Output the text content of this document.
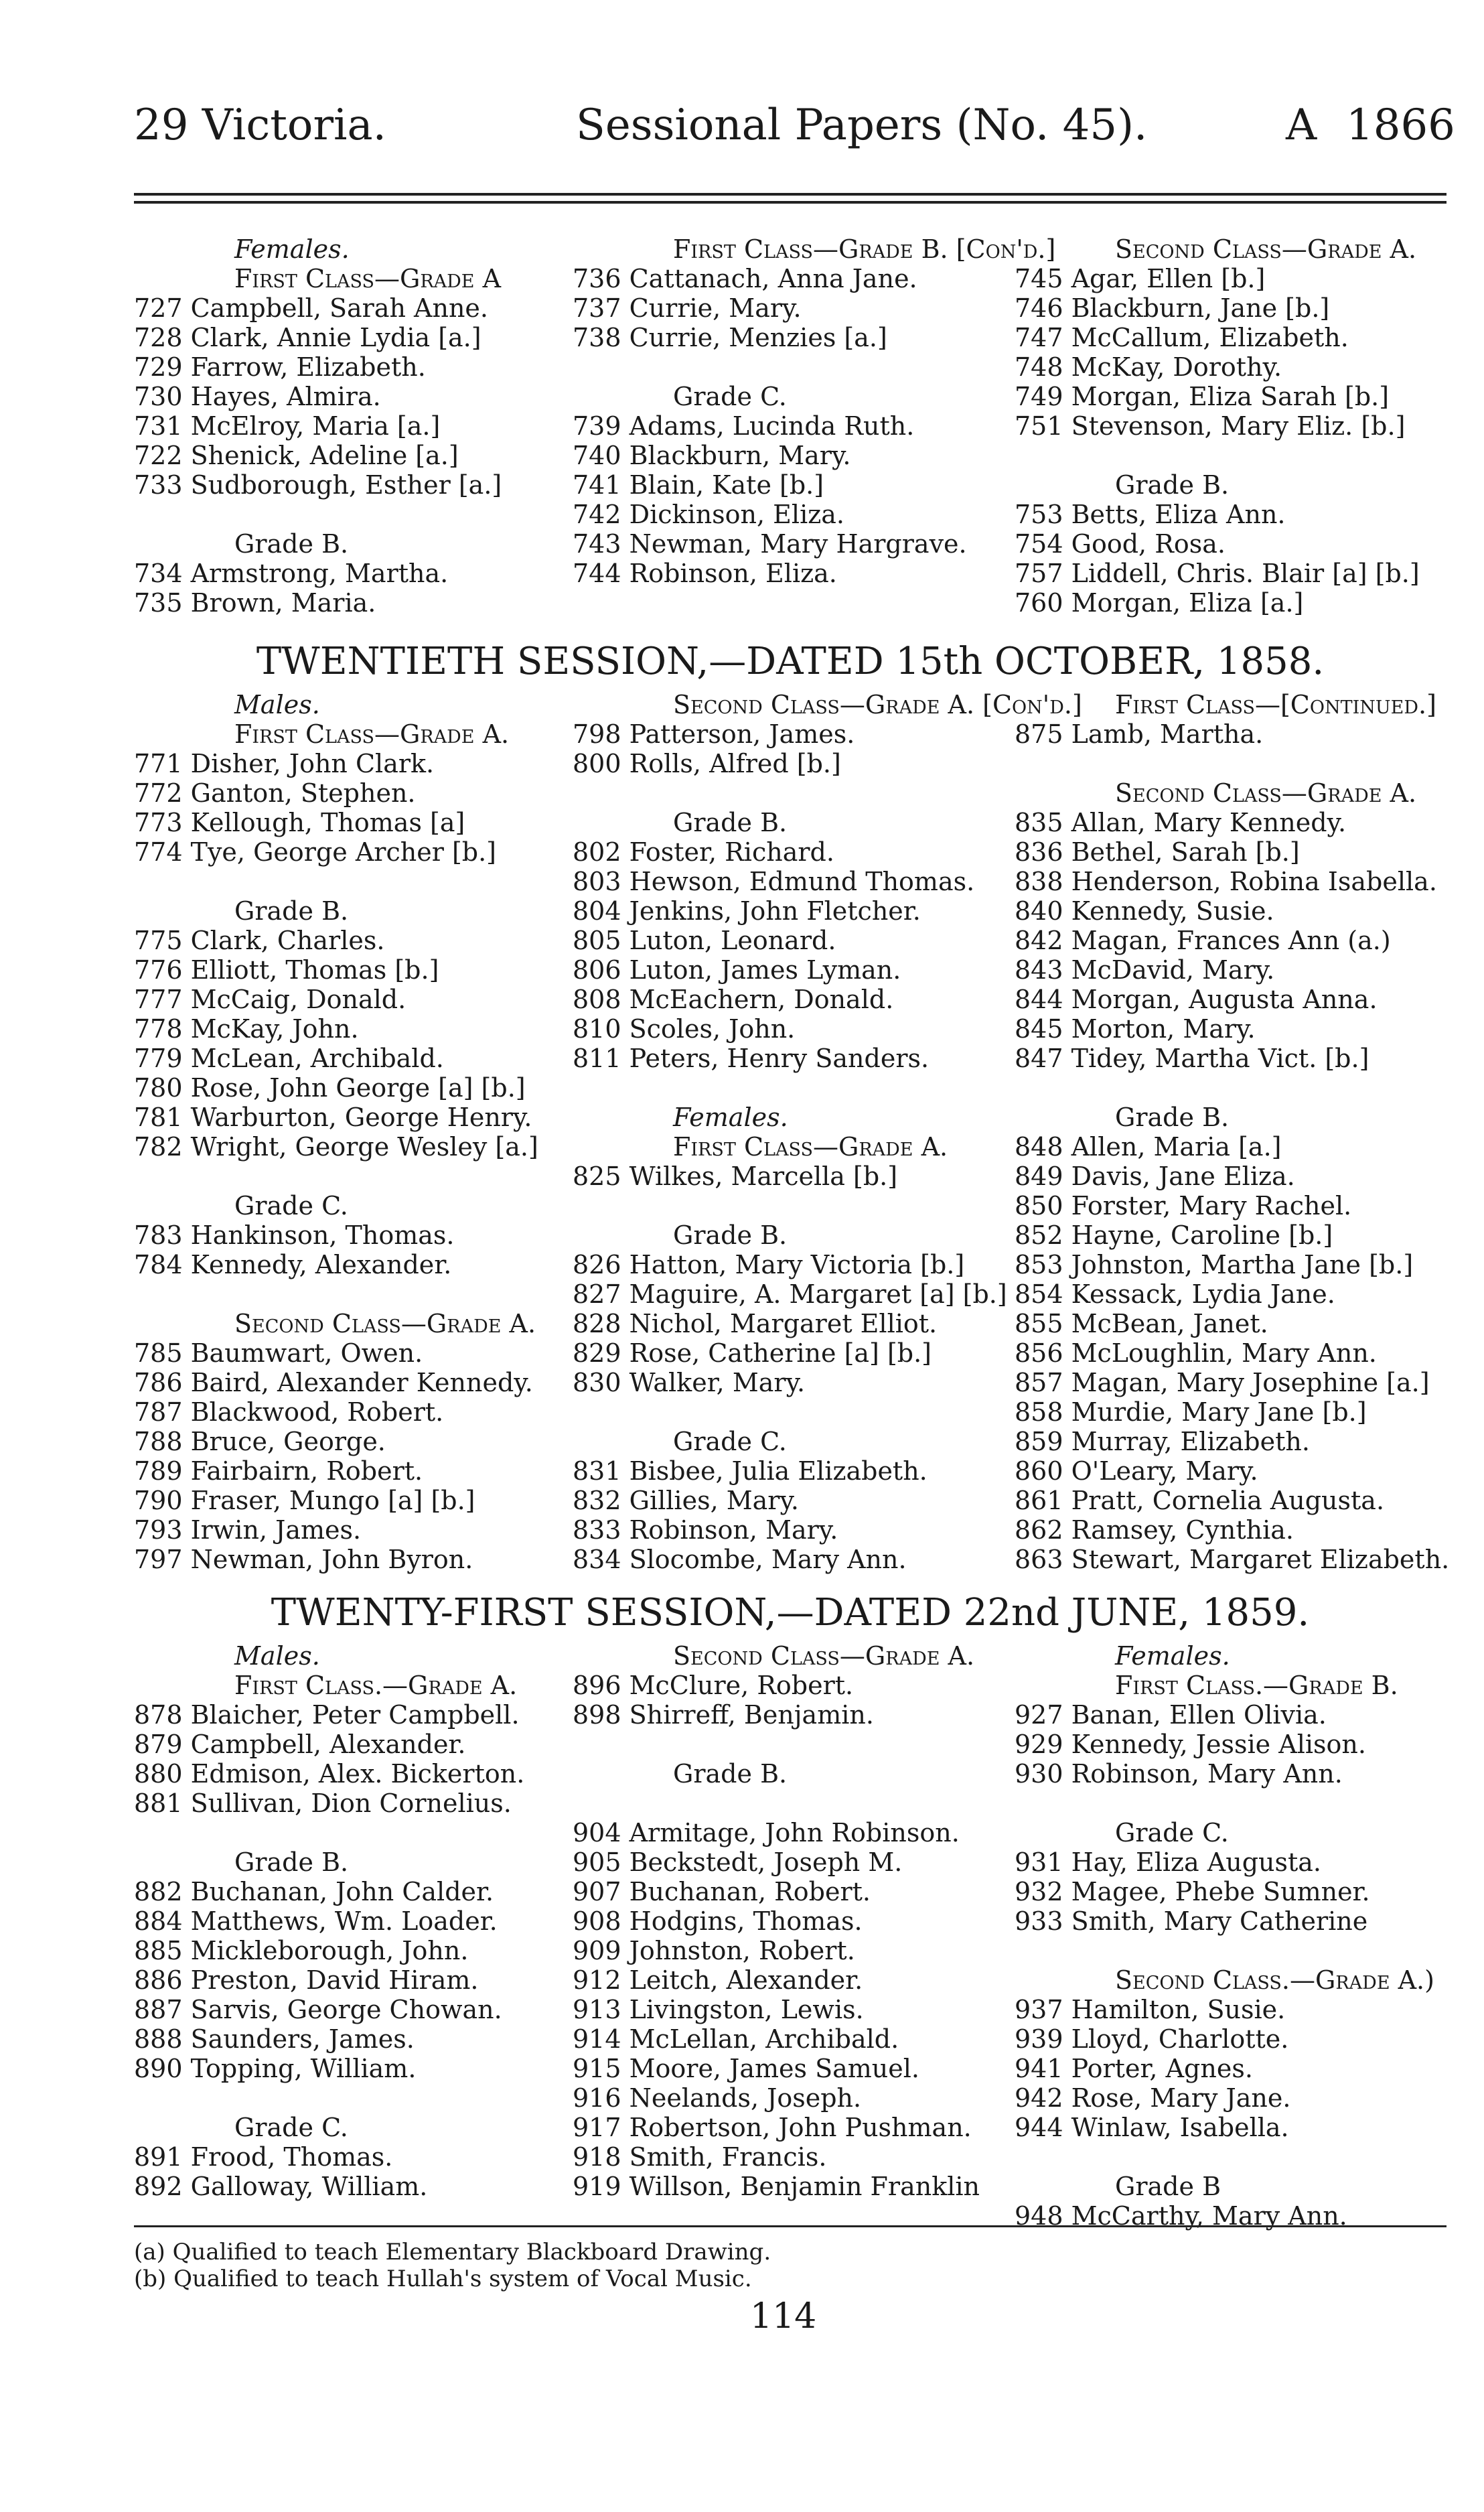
29 Victoria.	Sessional Papers (No. 45).	A 1866
Females.
First Class—Grade A
727 Campbell, Sarah Anne.
728 Clark, Annie Lydia [a.]
729 Farrow, Elizabeth.
730 Hayes, Almira.
731 McElroy, Maria [a.]
722 Shenick, Adeline [a.]
733 Sudborough, Esther [a.]
Grade B.
734 Armstrong, Martha.
735 Brown, Maria.
First Class—Grade B. [Con'd.]
736 Cattanach, Anna Jane.
737 Currie, Mary.
738 Currie, Menzies [a.]
Grade C.
739 Adams, Lucinda Ruth.
740 Blackburn, Mary.
741 Blain, Kate [b.]
742 Dickinson, Eliza.
743 Newman, Mary Hargrave.
744 Robinson, Eliza.
Second Class—Grade A.
745 Agar, Ellen [b.]
746 Blackburn, Jane [b.]
747 McCallum, Elizabeth.
748 McKay, Dorothy.
749 Morgan, Eliza Sarah [b.]
751 Stevenson, Mary Eliz. [b.]
Grade B.
753 Betts, Eliza Ann.
754 Good, Rosa.
757 Liddell, Chris. Blair [a] [b.]
760 Morgan, Eliza [a.]
TWENTIETH SESSION,—DATED 15th OCTOBER, 1858.
Males.
First Class—Grade A.
771 Disher, John Clark.
772 Ganton, Stephen.
773 Kellough, Thomas [a]
774 Tye, George Archer [b.]
Grade B.
775 Clark, Charles.
776 Elliott, Thomas [b.]
777 McCaig, Donald.
778 McKay, John.
779 McLean, Archibald.
780 Rose, John George [a] [b.]
781 Warburton, George Henry.
782 Wright, George Wesley [a.]
Grade C.
783 Hankinson, Thomas.
784 Kennedy, Alexander.
Second Class—Grade A.
785 Baumwart, Owen.
786 Baird, Alexander Kennedy.
787 Blackwood, Robert.
788 Bruce, George.
789 Fairbairn, Robert.
790 Fraser, Mungo [a] [b.]
793 Irwin, James.
797 Newman, John Byron.
Second Class—Grade A. [Con'd.]
798 Patterson, James.
800 Rolls, Alfred [b.]
Grade B.
802 Foster, Richard.
803 Hewson, Edmund Thomas.
804 Jenkins, John Fletcher.
805 Luton, Leonard.
806 Luton, James Lyman.
808 McEachern, Donald.
810 Scoles, John.
811 Peters, Henry Sanders.
Females.
First Class—Grade A.
825 Wilkes, Marcella [b.]
Grade B.
826 Hatton, Mary Victoria [b.]
827 Maguire, A. Margaret [a] [b.]
828 Nichol, Margaret Elliot.
829 Rose, Catherine [a] [b.]
830 Walker, Mary.
Grade C.
831 Bisbee, Julia Elizabeth.
832 Gillies, Mary.
833 Robinson, Mary.
834 Slocombe, Mary Ann.
First Class—[Continued.]
875 Lamb, Martha.
Second Class—Grade A.
835 Allan, Mary Kennedy.
836 Bethel, Sarah [b.]
838 Henderson, Robina Isabella.
840 Kennedy, Susie.
842 Magan, Frances Ann (a.)
843 McDavid, Mary.
844 Morgan, Augusta Anna.
845 Morton, Mary.
847 Tidey, Martha Vict. [b.]
Grade B.
848 Allen, Maria [a.]
849 Davis, Jane Eliza.
850 Forster, Mary Rachel.
852 Hayne, Caroline [b.]
853 Johnston, Martha Jane [b.]
854 Kessack, Lydia Jane.
855 McBean, Janet.
856 McLoughlin, Mary Ann.
857 Magan, Mary Josephine [a.]
858 Murdie, Mary Jane [b.]
859 Murray, Elizabeth.
860 O'Leary, Mary.
861 Pratt, Cornelia Augusta.
862 Ramsey, Cynthia.
863 Stewart, Margaret Elizabeth.
TWENTY-FIRST SESSION,—DATED 22nd JUNE, 1859.
Males.
First Class.—Grade A.
878 Blaicher, Peter Campbell.
879 Campbell, Alexander.
880 Edmison, Alex. Bickerton.
881 Sullivan, Dion Cornelius.
Grade B.
882 Buchanan, John Calder.
884 Matthews, Wm. Loader.
885 Mickleborough, John.
886 Preston, David Hiram.
887 Sarvis, George Chowan.
888 Saunders, James.
890 Topping, William.
Grade C.
891 Frood, Thomas.
892 Galloway, William.
Second Class—Grade A.
896 McClure, Robert.
898 Shirreff, Benjamin.
Grade B.
904 Armitage, John Robinson.
905 Beckstedt, Joseph M.
907 Buchanan, Robert.
908 Hodgins, Thomas.
909 Johnston, Robert.
912 Leitch, Alexander.
913 Livingston, Lewis.
914 McLellan, Archibald.
915 Moore, James Samuel.
916 Neelands, Joseph.
917 Robertson, John Pushman.
918 Smith, Francis.
919 Willson, Benjamin Franklin
Females.
First Class.—Grade B.
927 Banan, Ellen Olivia.
929 Kennedy, Jessie Alison.
930 Robinson, Mary Ann.
Grade C.
931 Hay, Eliza Augusta.
932 Magee, Phebe Sumner.
933 Smith, Mary Catherine
Second Class.—Grade A.)
937 Hamilton, Susie.
939 Lloyd, Charlotte.
941 Porter, Agnes.
942 Rose, Mary Jane.
944 Winlaw, Isabella.
Grade B
948 McCarthy, Mary Ann.
(a) Qualified to teach Elementary Blackboard Drawing.
(b) Qualified to teach Hullah's system of Vocal Music.
114
